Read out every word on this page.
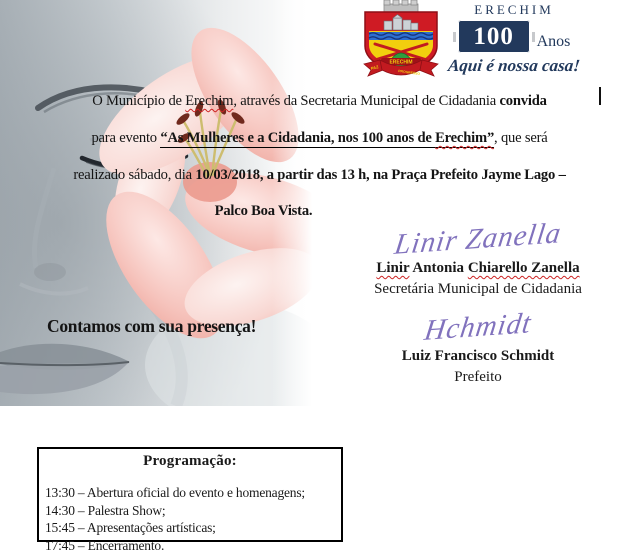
ERECHIM
PAZ
PROGRESSO
ERECHIM
100 Anos
Aqui é nossa casa!
O Município de Erechim, através da Secretaria Municipal de Cidadania convida
para evento “As Mulheres e a Cidadania, nos 100 anos de Erechim”, que será
realizado sábado, dia 10/03/2018, a partir das 13 h, na Praça Prefeito Jayme Lago –
Palco Boa Vista.
Linir Zanella
Linir Antonia Chiarello Zanella
Secretária Municipal de Cidadania
Contamos com sua presença!	Hchmidt
Luiz Francisco Schmidt
Prefeito
Programação:
13:30 – Abertura oficial do evento e homenagens;
14:30 – Palestra Show;
15:45 – Apresentações artísticas;
17:45 – Encerramento.
